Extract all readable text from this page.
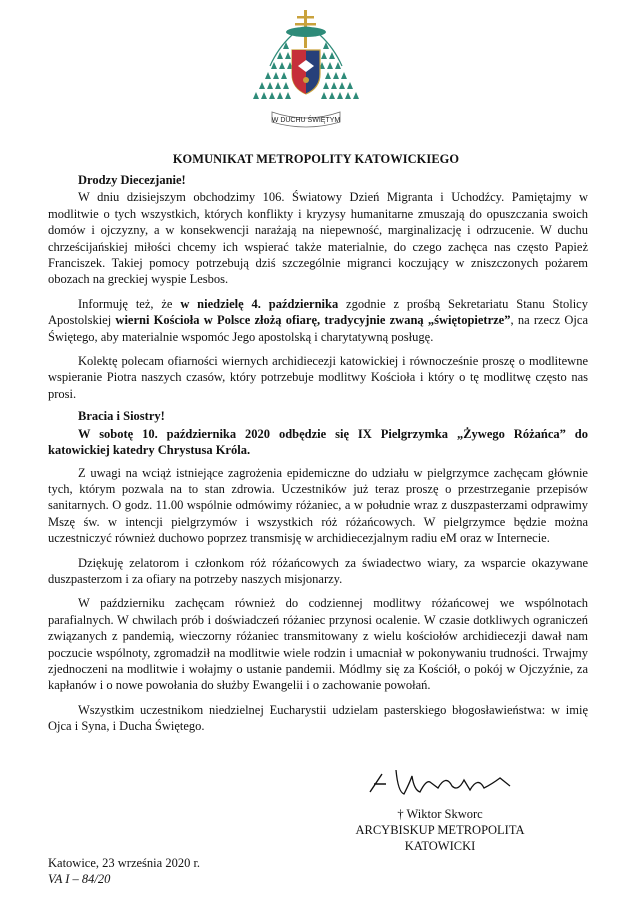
W DUCHU ŚWIĘTYM
KOMUNIKAT METROPOLITY KATOWICKIEGO
Drodzy Diecezjanie!

W dniu dzisiejszym obchodzimy 106. Światowy Dzień Migranta i Uchodźcy. Pamiętajmy w modlitwie o tych wszystkich, których konflikty i kryzysy humanitarne zmuszają do opuszczania swoich domów i ojczyzny, a w konsekwencji narażają na niepewność, marginalizację i odrzucenie. W duchu chrześcijańskiej miłości chcemy ich wspierać także materialnie, do czego zachęca nas często Papież Franciszek. Takiej pomocy potrzebują dziś szczególnie migranci koczujący w zniszczonych pożarem obozach na greckiej wyspie Lesbos.

Informuję też, że w niedzielę 4. października zgodnie z prośbą Sekretariatu Stanu Stolicy Apostolskiej wierni Kościoła w Polsce złożą ofiarę, tradycyjnie zwaną „świętopietrze”, na rzecz Ojca Świętego, aby materialnie wspomóc Jego apostolską i charytatywną posługę.

Kolektę polecam ofiarności wiernych archidiecezji katowickiej i równocześnie proszę o modlitewne wspieranie Piotra naszych czasów, który potrzebuje modlitwy Kościoła i który o tę modlitwę często nas prosi.

Bracia i Siostry!

W sobotę 10. października 2020 odbędzie się IX Pielgrzymka „Żywego Różańca” do katowickiej katedry Chrystusa Króla.

Z uwagi na wciąż istniejące zagrożenia epidemiczne do udziału w pielgrzymce zachęcam głównie tych, którym pozwala na to stan zdrowia. Uczestników już teraz proszę o przestrzeganie przepisów sanitarnych. O godz. 11.00 wspólnie odmówimy różaniec, a w południe wraz z duszpasterzami odprawimy Mszę św. w intencji pielgrzymów i wszystkich róż różańcowych. W pielgrzymce będzie można uczestniczyć również duchowo poprzez transmisję w archidiecezjalnym radiu eM oraz w Internecie.

Dziękuję zelatorom i członkom róż różańcowych za świadectwo wiary, za wsparcie okazywane duszpasterzom i za ofiary na potrzeby naszych misjonarzy.

W październiku zachęcam również do codziennej modlitwy różańcowej we wspólnotach parafialnych. W chwilach prób i doświadczeń różaniec przynosi ocalenie. W czasie dotkliwych ograniczeń związanych z pandemią, wieczorny różaniec transmitowany z wielu kościołów archidiecezji dawał nam poczucie wspólnoty, zgromadził na modlitwie wiele rodzin i umacniał w pokonywaniu trudności. Trwajmy zjednoczeni na modlitwie i wołajmy o ustanie pandemii. Módlmy się za Kościół, o pokój w Ojczyźnie, za kapłanów i o nowe powołania do służby Ewangelii i o zachowanie powołań.

Wszystkim uczestnikom niedzielnej Eucharystii udzielam pasterskiego błogosławieństwa: w imię Ojca i Syna, i Ducha Świętego.

† Wiktor Skworc
ARCYBISKUP METROPOLITA
KATOWICKI
Katowice, 23 września 2020 r.
VA I – 84/20
